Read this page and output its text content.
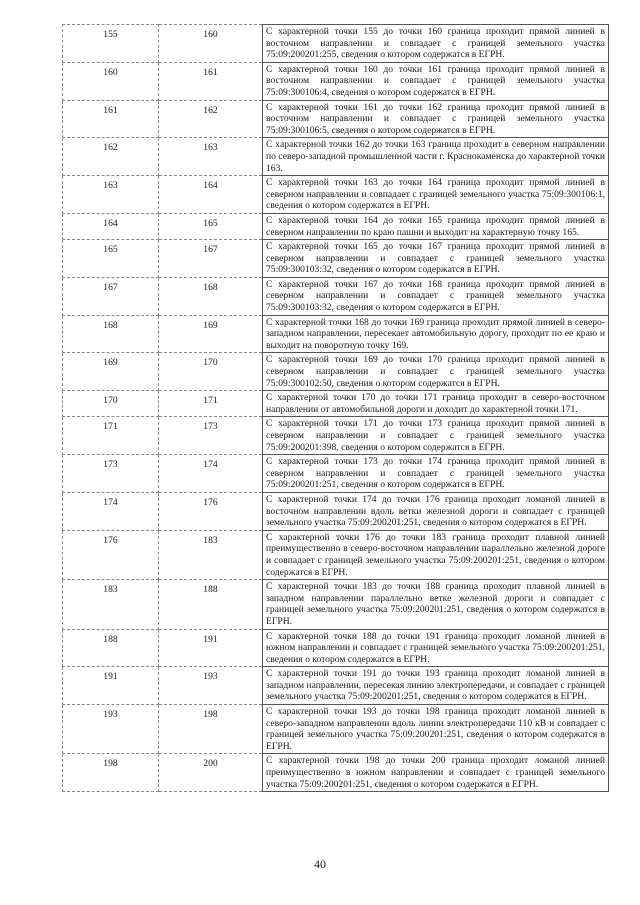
155	160	С характерной точки 155 до точки 160 граница проходит прямой линией в восточном направлении и совпадает с границей земельного участка 75:09:200201:255, сведения о котором содержатся в ЕГРН.
160	161	С характерной точки 160 до точки 161 граница проходит прямой линией в восточном направлении и совпадает с границей земельного участка 75:09:300106:4, сведения о котором содержатся в ЕГРН.
161	162	С характерной точки 161 до точки 162 граница проходит прямой линией в восточном направлении и совпадает с границей земельного участка 75:09:300106:5, сведения о котором содержатся в ЕГРН.
162	163	С характерной точки 162 до точки 163 граница проходит в северном направлении по северо-западной промышленной части г. Краснокаменска до характерной точки 163.
163	164	С характерной точки 163 до точки 164 граница проходит прямой линией в северном направлении и совпадает с границей земельного участка 75:09:300106:1, сведения о котором содержатся в ЕГРН.
164	165	С характерной точки 164 до точки 165 граница проходит прямой линией в северном направлении по краю пашни и выходит на характерную точку 165.
165	167	С характерной точки 165 до точки 167 граница проходит прямой линией в северном направлении и совпадает с границей земельного участка 75:09:300103:32, сведения о котором содержатся в ЕГРН.
167	168	С характерной точки 167 до точки 168 граница проходит прямой линией в северном направлении и совпадает с границей земельного участка 75:09:300103:32, сведения о котором содержатся в ЕГРН.
168	169	С характерной точки 168 до точки 169 граница проходит прямой линией в северо-западном направлении, пересекает автомобильную дорогу, проходит по ее краю и выходит на поворотную точку 169.
169	170	С характерной точки 169 до точки 170 граница проходит прямой линией в северном направлении и совпадает с границей земельного участка 75:09:300102:50, сведения о котором содержатся в ЕГРН.
170	171	С характерной точки 170 до точки 171 граница проходит в северо-восточном направлении от автомобильной дороги и доходит до характерной точки 171.
171	173	С характерной точки 171 до точки 173 граница проходит прямой линией в северном направлении и совпадает с границей земельного участка 75:09:200201:398, сведения о котором содержатся в ЕГРН.
173	174	С характерной точки 173 до точки 174 граница проходит прямой линией в северном направлении и совпадает с границей земельного участка 75:09:200201:251, сведения о котором содержатся в ЕГРН.
174	176	С характерной точки 174 до точки 176 граница проходит ломаной линией в восточном направлении вдоль ветки железной дороги и совпадает с границей земельного участка 75:09:200201:251, сведения о котором содержатся в ЕГРН.
176	183	С характерной точки 176 до точки 183 граница проходит плавной линией преимущественно в северо-восточном направлении параллельно железной дороге и совпадает с границей земельного участка 75:09:200201:251, сведения о котором содержатся в ЕГРН.
183	188	С характерной точки 183 до точки 188 граница проходит плавной линией в западном направлении параллельно ветке железной дороги и совпадает с границей земельного участка 75:09:200201:251, сведения о котором содержатся в ЕГРН.
188	191	С характерной точки 188 до точки 191 граница проходит ломаной линией в южном направлении и совпадает с границей земельного участка 75:09:200201:251, сведения о котором содержатся в ЕГРН.
191	193	С характерной точки 191 до точки 193 граница проходит ломаной линией в западном направлении, пересекая линию электропередачи, и совпадает с границей земельного участка 75:09:200201:251, сведения о котором содержатся в ЕГРН.
193	198	С характерной точки 193 до точки 198 граница проходит ломаной линией в северо-западном направлении вдоль линии электропередачи 110 кВ и совпадает с границей земельного участка 75:09:200201:251, сведения о котором содержатся в ЕГРН.
198	200	С характерной точки 198 до точки 200 граница проходит ломаной линией преимущественно в южном направлении и совпадает с границей земельного участка 75:09:200201:251, сведения о котором содержатся в ЕГРН.
40
